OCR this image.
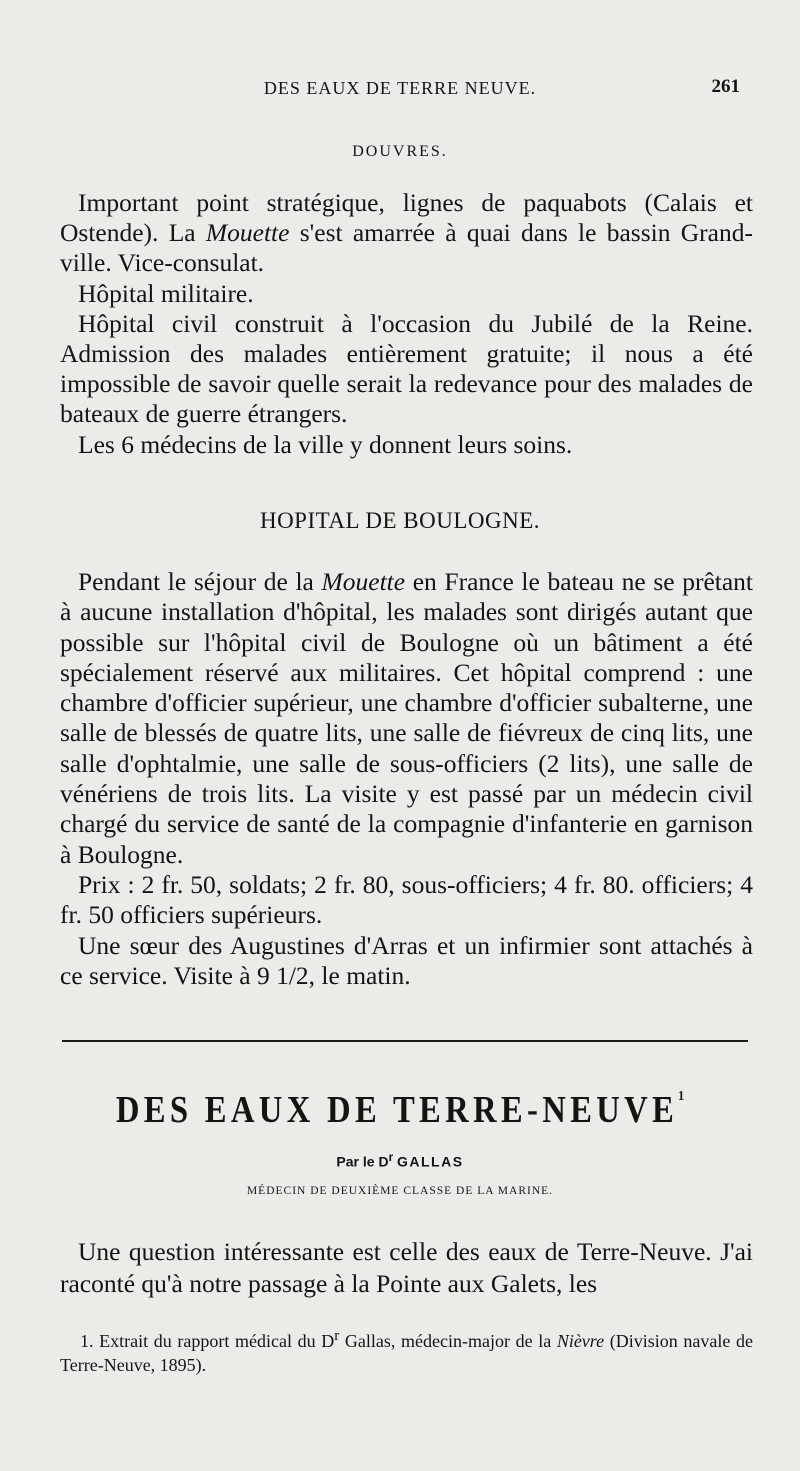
DES EAUX DE TERRE NEUVE.	261
DOUVRES.

Important point stratégique, lignes de paquabots (Calais et Ostende). La Mouette s'est amarrée à quai dans le bassin Grand-ville. Vice-consulat.

Hôpital militaire.

Hôpital civil construit à l'occasion du Jubilé de la Reine. Admission des malades entièrement gratuite; il nous a été impossible de savoir quelle serait la redevance pour des malades de bateaux de guerre étrangers.

Les 6 médecins de la ville y donnent leurs soins.

HOPITAL DE BOULOGNE.

Pendant le séjour de la Mouette en France le bateau ne se prêtant à aucune installation d'hôpital, les malades sont dirigés autant que possible sur l'hôpital civil de Boulogne où un bâtiment a été spécialement réservé aux militaires. Cet hôpital comprend : une chambre d'officier supérieur, une chambre d'officier subalterne, une salle de blessés de quatre lits, une salle de fiévreux de cinq lits, une salle d'ophtalmie, une salle de sous-officiers (2 lits), une salle de vénériens de trois lits. La visite y est passé par un médecin civil chargé du service de santé de la compagnie d'infanterie en garnison à Boulogne.

Prix : 2 fr. 50, soldats; 2 fr. 80, sous-officiers; 4 fr. 80. officiers; 4 fr. 50 officiers supérieurs.

Une sœur des Augustines d'Arras et un infirmier sont attachés à ce service. Visite à 9 1/2, le matin.

DES EAUX DE TERRE-NEUVE$^1$
Par le $D^r$ GALLAS
MÉDECIN DE DEUXIÈME CLASSE DE LA MARINE.

Une question intéressante est celle des eaux de Terre-Neuve. J'ai raconté qu'à notre passage à la Pointe aux Galets, les

1. Extrait du rapport médical du $D^r$ Gallas, médecin-major de la Nièvre (Division navale de Terre-Neuve, 1895).
